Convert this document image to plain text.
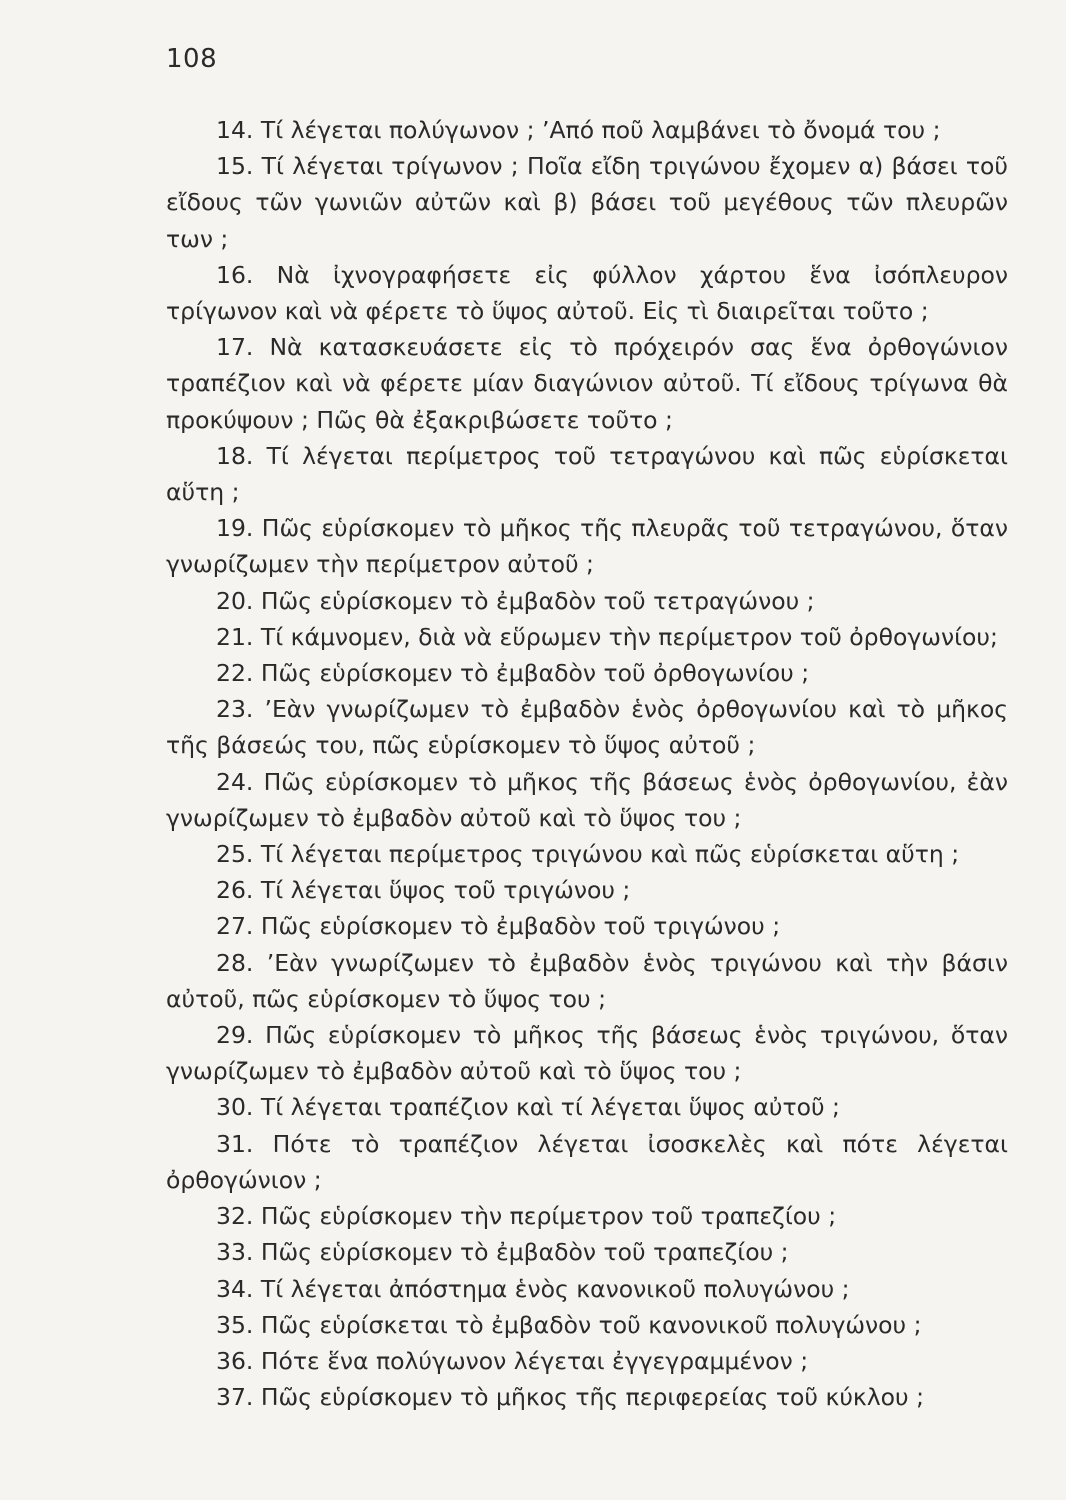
108

14. Τί λέγεται πολύγωνον ; ’Από ποῦ λαμβάνει τὸ ὄνομά του ;

15. Τί λέγεται τρίγωνον ; Ποῖα εἴδη τριγώνου ἔχομεν α) βάσει τοῦ εἴδους τῶν γωνιῶν αὐτῶν καὶ β) βάσει τοῦ μεγέθους τῶν πλευρῶν των ;

16. Νὰ ἰχνογραφήσετε εἰς φύλλον χάρτου ἕνα ἰσόπλευρον τρίγωνον καὶ νὰ φέρετε τὸ ὕψος αὐτοῦ. Εἰς τὶ διαιρεῖται τοῦτο ;

17. Νὰ κατασκευάσετε εἰς τὸ πρόχειρόν σας ἕνα ὀρθογώνιον τραπέζιον καὶ νὰ φέρετε μίαν διαγώνιον αὐτοῦ. Τί εἴδους τρίγωνα θὰ προκύψουν ; Πῶς θὰ ἐξακριβώσετε τοῦτο ;

18. Τί λέγεται περίμετρος τοῦ τετραγώνου καὶ πῶς εὑρίσκεται αὕτη ;

19. Πῶς εὑρίσκομεν τὸ μῆκος τῆς πλευρᾶς τοῦ τετραγώνου, ὅταν γνωρίζωμεν τὴν περίμετρον αὐτοῦ ;

20. Πῶς εὑρίσκομεν τὸ ἐμβαδὸν τοῦ τετραγώνου ;

21. Τί κάμνομεν, διὰ νὰ εὕρωμεν τὴν περίμετρον τοῦ ὀρθογωνίου;

22. Πῶς εὑρίσκομεν τὸ ἐμβαδὸν τοῦ ὀρθογωνίου ;

23. ’Εὰν γνωρίζωμεν τὸ ἐμβαδὸν ἑνὸς ὀρθογωνίου καὶ τὸ μῆκος τῆς βάσεώς του, πῶς εὑρίσκομεν τὸ ὕψος αὐτοῦ ;

24. Πῶς εὑρίσκομεν τὸ μῆκος τῆς βάσεως ἑνὸς ὀρθογωνίου, ἐὰν γνωρίζωμεν τὸ ἐμβαδὸν αὐτοῦ καὶ τὸ ὕψος του ;

25. Τί λέγεται περίμετρος τριγώνου καὶ πῶς εὑρίσκεται αὕτη ;

26. Τί λέγεται ὕψος τοῦ τριγώνου ;

27. Πῶς εὑρίσκομεν τὸ ἐμβαδὸν τοῦ τριγώνου ;

28. ’Εὰν γνωρίζωμεν τὸ ἐμβαδὸν ἑνὸς τριγώνου καὶ τὴν βάσιν αὐτοῦ, πῶς εὑρίσκομεν τὸ ὕψος του ;

29. Πῶς εὑρίσκομεν τὸ μῆκος τῆς βάσεως ἑνὸς τριγώνου, ὅταν γνωρίζωμεν τὸ ἐμβαδὸν αὐτοῦ καὶ τὸ ὕψος του ;

30. Τί λέγεται τραπέζιον καὶ τί λέγεται ὕψος αὐτοῦ ;

31. Πότε τὸ τραπέζιον λέγεται ἰσοσκελὲς καὶ πότε λέγεται ὀρθογώνιον ;

32. Πῶς εὑρίσκομεν τὴν περίμετρον τοῦ τραπεζίου ;

33. Πῶς εὑρίσκομεν τὸ ἐμβαδὸν τοῦ τραπεζίου ;

34. Τί λέγεται ἀπόστημα ἑνὸς κανονικοῦ πολυγώνου ;

35. Πῶς εὑρίσκεται τὸ ἐμβαδὸν τοῦ κανονικοῦ πολυγώνου ;

36. Πότε ἕνα πολύγωνον λέγεται ἐγγεγραμμένον ;

37. Πῶς εὑρίσκομεν τὸ μῆκος τῆς περιφερείας τοῦ κύκλου ;
